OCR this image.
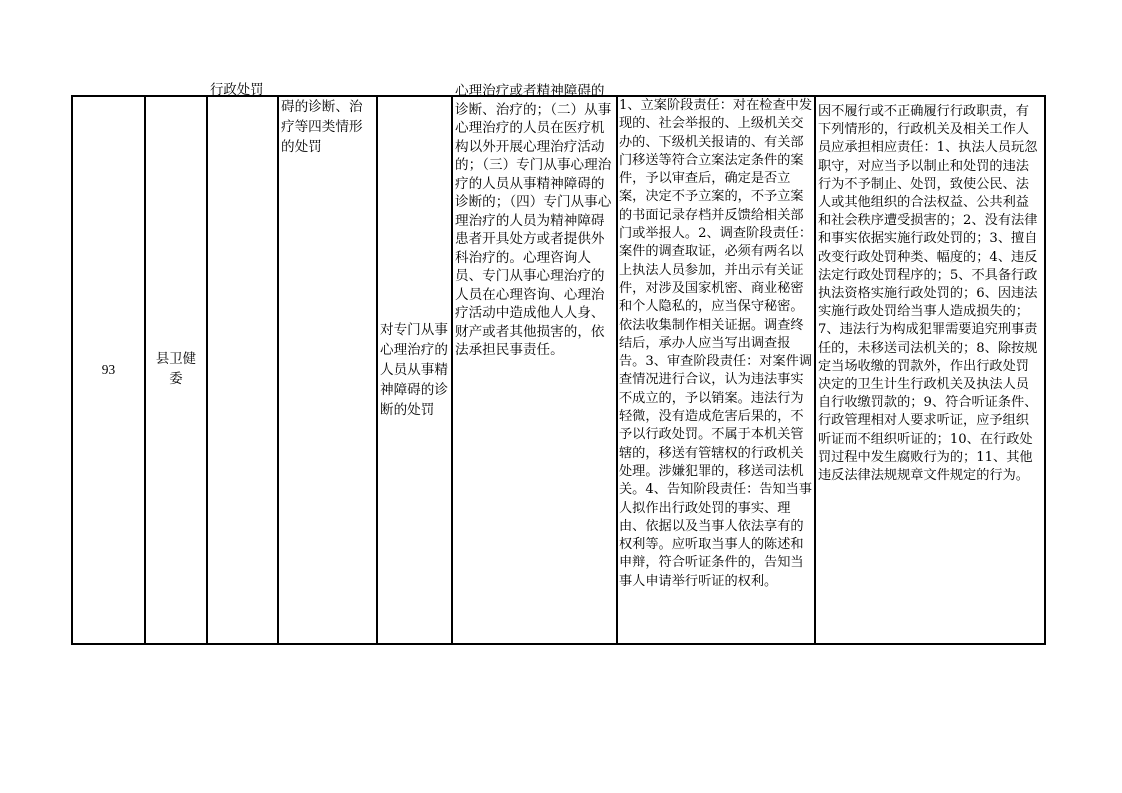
93
县卫健委
行政处罚
碍的诊断、治疗等四类情形的处罚
对专门从事心理治疗的人员从事精神障碍的诊断的处罚
心理治疗或者精神障碍的诊断、治疗的；（二）从事心理治疗的人员在医疗机构以外开展心理治疗活动的；（三）专门从事心理治疗的人员从事精神障碍的诊断的；（四）专门从事心理治疗的人员为精神障碍患者开具处方或者提供外科治疗的。心理咨询人员、专门从事心理治疗的人员在心理咨询、心理治疗活动中造成他人人身、财产或者其他损害的，依法承担民事责任。
1、立案阶段责任：对在检查中发现的、社会举报的、上级机关交办的、下级机关报请的、有关部门移送等符合立案法定条件的案件，予以审查后，确定是否立案，决定不予立案的，不予立案的书面记录存档并反馈给相关部门或举报人。2、调查阶段责任：案件的调查取证，必须有两名以上执法人员参加，并出示有关证件，对涉及国家机密、商业秘密和个人隐私的，应当保守秘密。依法收集制作相关证据。调查终结后，承办人应当写出调查报告。3、审查阶段责任：对案件调查情况进行合议，认为违法事实不成立的，予以销案。违法行为轻微，没有造成危害后果的，不予以行政处罚。不属于本机关管辖的，移送有管辖权的行政机关处理。涉嫌犯罪的，移送司法机关。4、告知阶段责任：告知当事人拟作出行政处罚的事实、理由、依据以及当事人依法享有的权利等。应听取当事人的陈述和申辩，符合听证条件的，告知当事人申请举行听证的权利。
因不履行或不正确履行行政职责，有下列情形的，行政机关及相关工作人员应承担相应责任：1、执法人员玩忽职守，对应当予以制止和处罚的违法行为不予制止、处罚，致使公民、法人或其他组织的合法权益、公共利益和社会秩序遭受损害的；2、没有法律和事实依据实施行政处罚的；3、擅自改变行政处罚种类、幅度的；4、违反法定行政处罚程序的；5、不具备行政执法资格实施行政处罚的；6、因违法实施行政处罚给当事人造成损失的；7、违法行为构成犯罪需要追究刑事责任的，未移送司法机关的；8、除按规定当场收缴的罚款外，作出行政处罚决定的卫生计生行政机关及执法人员自行收缴罚款的；9、符合听证条件、行政管理相对人要求听证，应予组织听证而不组织听证的；10、在行政处罚过程中发生腐败行为的；11、其他违反法律法规规章文件规定的行为。
